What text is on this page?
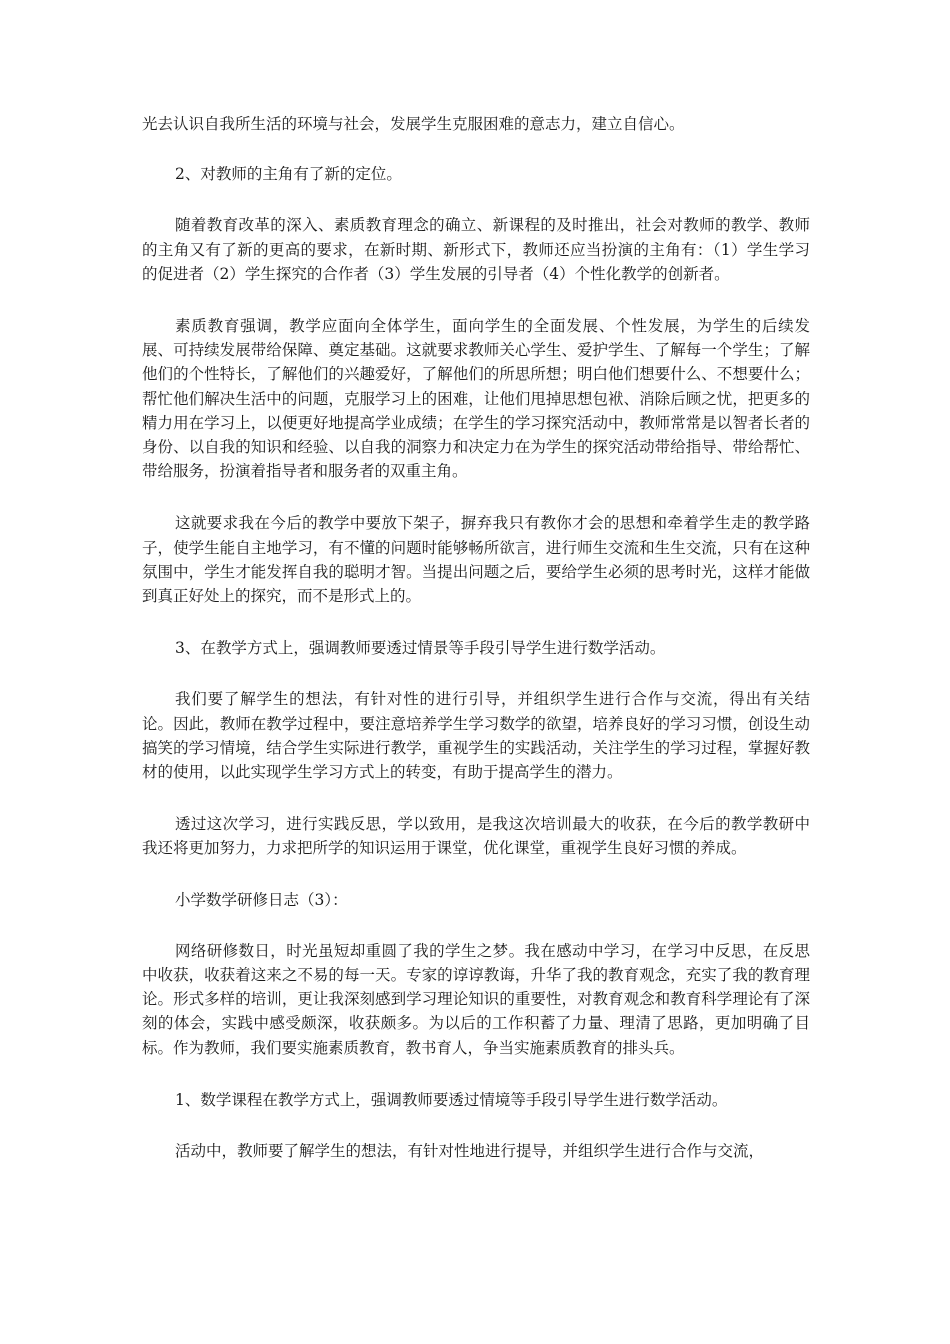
光去认识自我所生活的环境与社会，发展学生克服困难的意志力，建立自信心。

2、对教师的主角有了新的定位。

随着教育改革的深入、素质教育理念的确立、新课程的及时推出，社会对教师的教学、教师的主角又有了新的更高的要求，在新时期、新形式下，教师还应当扮演的主角有：（1）学生学习的促进者（2）学生探究的合作者（3）学生发展的引导者（4）个性化教学的创新者。

素质教育强调，教学应面向全体学生，面向学生的全面发展、个性发展，为学生的后续发展、可持续发展带给保障、奠定基础。这就要求教师关心学生、爱护学生、了解每一个学生；了解他们的个性特长，了解他们的兴趣爱好，了解他们的所思所想；明白他们想要什么、不想要什么；帮忙他们解决生活中的问题，克服学习上的困难，让他们甩掉思想包袱、消除后顾之忧，把更多的精力用在学习上，以便更好地提高学业成绩；在学生的学习探究活动中，教师常常是以智者长者的身份、以自我的知识和经验、以自我的洞察力和决定力在为学生的探究活动带给指导、带给帮忙、带给服务，扮演着指导者和服务者的双重主角。

这就要求我在今后的教学中要放下架子，摒弃我只有教你才会的思想和牵着学生走的教学路子，使学生能自主地学习，有不懂的问题时能够畅所欲言，进行师生交流和生生交流，只有在这种氛围中，学生才能发挥自我的聪明才智。当提出问题之后，要给学生必须的思考时光，这样才能做到真正好处上的探究，而不是形式上的。

3、在教学方式上，强调教师要透过情景等手段引导学生进行数学活动。

我们要了解学生的想法，有针对性的进行引导，并组织学生进行合作与交流，得出有关结论。因此，教师在教学过程中，要注意培养学生学习数学的欲望，培养良好的学习习惯，创设生动搞笑的学习情境，结合学生实际进行教学，重视学生的实践活动，关注学生的学习过程，掌握好教材的使用，以此实现学生学习方式上的转变，有助于提高学生的潜力。

透过这次学习，进行实践反思，学以致用，是我这次培训最大的收获，在今后的教学教研中我还将更加努力，力求把所学的知识运用于课堂，优化课堂，重视学生良好习惯的养成。

小学数学研修日志（3）：

网络研修数日，时光虽短却重圆了我的学生之梦。我在感动中学习，在学习中反思，在反思中收获，收获着这来之不易的每一天。专家的谆谆教诲，升华了我的教育观念，充实了我的教育理论。形式多样的培训，更让我深刻感到学习理论知识的重要性，对教育观念和教育科学理论有了深刻的体会，实践中感受颇深，收获颇多。为以后的工作积蓄了力量、理清了思路，更加明确了目标。作为教师，我们要实施素质教育，教书育人，争当实施素质教育的排头兵。

1、数学课程在教学方式上，强调教师要透过情境等手段引导学生进行数学活动。

活动中，教师要了解学生的想法，有针对性地进行提导，并组织学生进行合作与交流，
